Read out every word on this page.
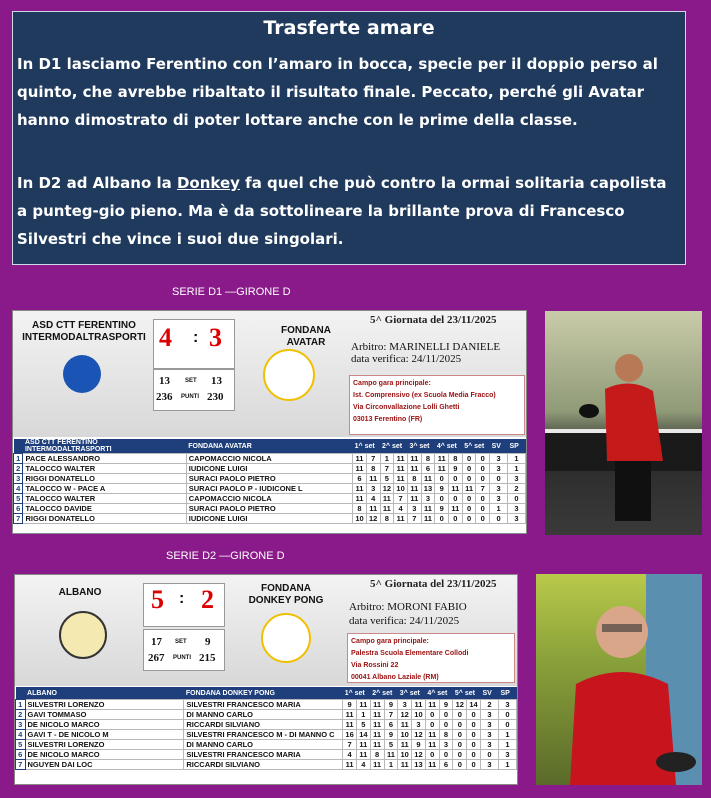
Trasferte amare

In D1 lasciamo Ferentino con l’amaro in bocca, specie per il doppio perso al quinto, che avrebbe ribaltato il risultato finale. Peccato, perché gli Avatar hanno dimostrato di poter lottare anche con le prime della classe.

In D2 ad Albano la Donkey fa quel che può contro la ormai solitaria capolista a punteg-gio pieno. Ma è da sottolineare la brillante prova di Francesco Silvestri che vince i suoi due singolari.

SERIE D1 —GIRONE D
ASD CTT FERENTINO INTERMODALTRASPORTI
FONDANA AVATAR
4 : 3
13	SET 13
236 PUNTI 230
5^ Giornata del 23/11/2025
Arbitro: MARINELLI DANIELE
data verifica: 24/11/2025
Campo gara principale:
Ist. Comprensivo (ex Scuola Media Fracco)
Via Circonvallazione Lolli Ghetti
03013 Ferentino (FR)
	ASD CTT FERENTINO INTERMODALTRASPORTI	FONDANA AVATAR	1^ set		2^ set		3^ set		4^ set		5^ set		SV	SP
1	PACE ALESSANDRO	CAPOMACCIO NICOLA	11	7	1	11	11	8	11	8	0	0	3	1
2	TALOCCO WALTER	IUDICONE LUIGI	11	8	7	11	11	6	11	9	0	0	3	1
3	RIGGI DONATELLO	SURACI PAOLO PIETRO	6	11	5	11	8	11	0	0	0	0	0	3
4	TALOCCO W - PACE A	SURACI PAOLO P - IUDICONE L	11	3	12	10	11	13	9	11	11	7	3	2
5	TALOCCO WALTER	CAPOMACCIO NICOLA	11	4	11	7	11	3	0	0	0	0	3	0
6	TALOCCO DAVIDE	SURACI PAOLO PIETRO	8	11	11	4	3	11	9	11	0	0	1	3
7	RIGGI DONATELLO	IUDICONE LUIGI	10	12	8	11	7	11	0	0	0	0	0	3
SERIE D2 —GIRONE D
ALBANO	FONDANA DONKEY PONG
5 : 2
17 SET 9
267 PUNTI 215
5^ Giornata del 23/11/2025
Arbitro: MORONI FABIO
data verifica: 24/11/2025
Campo gara principale:
Palestra Scuola Elementare Collodi
Via Rossini 22
00041 Albano Laziale (RM)
	ALBANO	FONDANA DONKEY PONG	1^ set		2^ set		3^ set		4^ set		5^ set		SV	SP
1	SILVESTRI LORENZO	SILVESTRI FRANCESCO MARIA	9	11	11	9	3	11	11	9	12	14	2	3
2	GAVI TOMMASO	DI MANNO CARLO	11	1	11	7	12	10	0	0	0	0	3	0
3	DE NICOLO MARCO	RICCARDI SILVIANO	11	5	11	6	11	3	0	0	0	0	3	0
4	GAVI T - DE NICOLO M	SILVESTRI FRANCESCO M - DI MANNO C	16	14	11	9	10	12	11	8	0	0	3	1
5	SILVESTRI LORENZO	DI MANNO CARLO	7	11	11	5	11	9	11	3	0	0	3	1
6	DE NICOLO MARCO	SILVESTRI FRANCESCO MARIA	4	11	8	11	10	12	0	0	0	0	0	3
7	NGUYEN DAI LOC	RICCARDI SILVIANO	11	4	11	1	11	13	11	6	0	0	3	1
